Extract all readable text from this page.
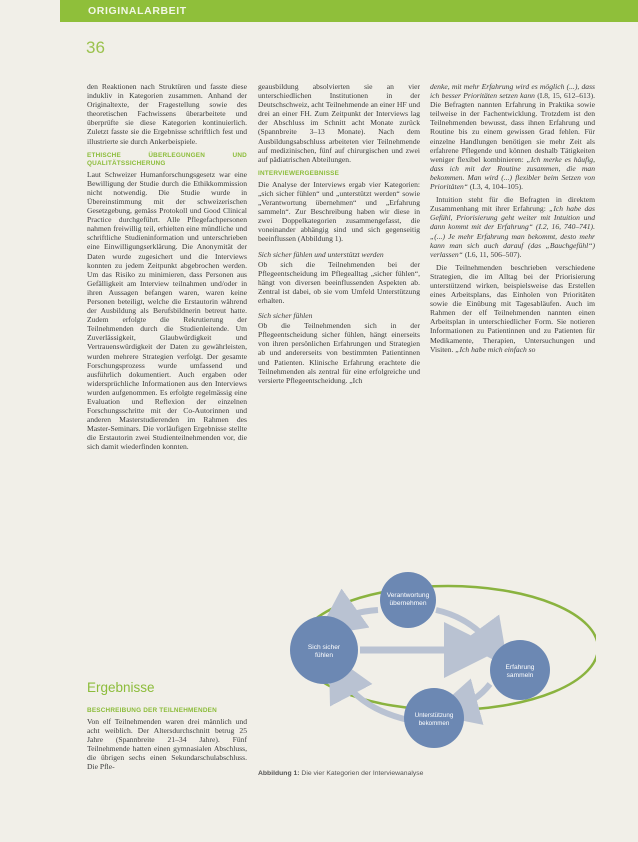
ORIGINALARBEIT
36

den Reaktionen nach Struktüren und fasste diese indukliv in Kategorien zusammen. Anhand der Originaltexte, der Fragestellung sowie des theoretischen Fachwissens überarbeitete und überprüfte sie diese Kategorien kontinuierlich. Zuletzt fasste sie die Ergebnisse schriftlich fest und illustrierte sie durch Ankerbeispiele.

ETHISCHE ÜBERLEGUNGEN UND QUALITÄTSSICHERUNG

Laut Schweizer Humanforschungsgesetz war eine Bewilligung der Studie durch die Ethikkommission nicht notwendig. Die Studie wurde in Übereinstimmung mit der schweizerischen Gesetzgebung, gemäss Protokoll und Good Clinical Practice durchgeführt. Alle Pflegefachpersonen nahmen freiwillig teil, erhielten eine mündliche und schriftliche Studieninformation und unterschrieben eine Einwilligungserklärung. Die Anonymität der Daten wurde zugesichert und die Interviews konnten zu jedem Zeitpunkt abgebrochen werden. Um das Risiko zu minimieren, dass Personen aus Gefälligkeit am Interview teilnahmen und/oder in ihren Aussagen befangen waren, waren keine Personen beteiligt, welche die Erstautorin während der Ausbildung als Berufsbildnerin betreut hatte. Zudem erfolgte die Rekrutierung der Teilnehmenden durch die Studienleitende. Um Zuverlässigkeit, Glaubwürdigkeit und Vertrauenswürdigkeit der Daten zu gewährleisten, wurden mehrere Strategien verfolgt. Der gesamte Forschungsprozess wurde umfassend und ausführlich dokumentiert. Auch ergaben oder widersprüchliche Informationen aus den Interviews wurden aufgenommen. Es erfolgte regelmässig eine Evaluation und Reflexion der einzelnen Forschungsschritte mit der Co-Autorinnen und anderen Masterstudierenden im Rahmen des Master-Seminars. Die vorläufigen Ergebnisse stellte die Erstautorin zwei Studienteilnehmenden vor, die sich damit wiederfinden konnten.

Ergebnisse
BESCHREIBUNG DER TEILNEHMENDEN

Von elf Teilnehmenden waren drei männlich und acht weiblich. Der Altersdurchschnitt betrug 25 Jahre (Spannbreite 21–34 Jahre). Fünf Teilnehmende hatten einen gymnasialen Abschluss, die übrigen sechs einen Sekundarschulabschluss. Die Pfle-

geausbildung absolvierten sie an vier unterschiedlichen Institutionen in der Deutschschweiz, acht Teilnehmende an einer HF und drei an einer FH. Zum Zeitpunkt der Interviews lag der Abschluss im Schnitt acht Monate zurück (Spannbreite 3–13 Monate). Nach dem Ausbildungsabschluss arbeiteten vier Teilnehmende auf medizinischen, fünf auf chirurgischen und zwei auf pädiatrischen Abteilungen.

INTERVIEWERGEBNISSE

Die Analyse der Interviews ergab vier Kategorien: „sich sicher fühlen“ und „unterstützt werden“ sowie „Verantwortung übernehmen“ und „Erfahrung sammeln“. Zur Beschreibung haben wir diese in zwei Doppelkategorien zusammengefasst, die voneinander abhängig sind und sich gegenseitig beeinflussen (Abbildung 1).

Sich sicher fühlen und unterstützt werden

Ob sich die Teilnehmenden bei der Pflegeentscheidung im Pflegealltag „sicher fühlen“, hängt von diversen beeinflussenden Aspekten ab. Zentral ist dabei, ob sie vom Umfeld Unterstützung erhalten.

Sich sicher fühlen

Ob die Teilnehmenden sich in der Pflegeentscheidung sicher fühlen, hängt einerseits von ihren persönlichen Erfahrungen und Strategien ab und andererseits von bestimmten Patientinnen und Patienten. Klinische Erfahrung erachtete die Teilnehmenden als zentral für eine erfolgreiche und versierte Pflegeentscheidung. „Ich

denke, mit mehr Erfahrung wird es möglich (...), dass ich besser Prioritäten setzen kann (I.8, 15, 612–613). Die Befragten nannten Erfahrung in Praktika sowie teilweise in der Fachentwicklung. Trotzdem ist den Teilnehmenden bewusst, dass ihnen Erfahrung und Routine bis zu einem gewissen Grad fehlen. Für einzelne Handlungen benötigen sie mehr Zeit als erfahrene Pflegende und können deshalb Tätigkeiten weniger flexibel kombinieren: „Ich merke es häufig, dass ich mit der Routine zusammen, die man bekommen. Man wird (...) flexibler beim Setzen von Prioritäten“ (I.3, 4, 104–105).

Intuition steht für die Befragten in direktem Zusammenhang mit ihrer Erfahrung: „Ich habe das Gefühl, Priorisierung geht weiter mit Intuition und dann kommt mit der Erfahrung“ (I.2, 16, 740–741). „(...) Je mehr Erfahrung man bekommt, desto mehr kann man sich auch darauf (das „Bauchgefühl“) verlassen“ (I.6, 11, 506–507).

Die Teilnehmenden beschrieben verschiedene Strategien, die im Alltag bei der Priorisierung unterstützend wirken, beispielsweise das Erstellen eines Arbeitsplans, das Einholen von Prioritäten sowie die Einübung mit Tagesabläufen. Auch im Rahmen der elf Teilnehmenden nannten einen Arbeitsplan in unterschiedlicher Form. Sie notieren Informationen zu Patientinnen und zu Patienten für Medikamente, Therapien, Untersuchungen und Visiten. „Ich habe mich einfach so

Verantwortung übernehmen
Sich sicher fühlen
Erfahrung sammeln
Unterstützung bekommen
Abbildung 1: Die vier Kategorien der Interviewanalyse
